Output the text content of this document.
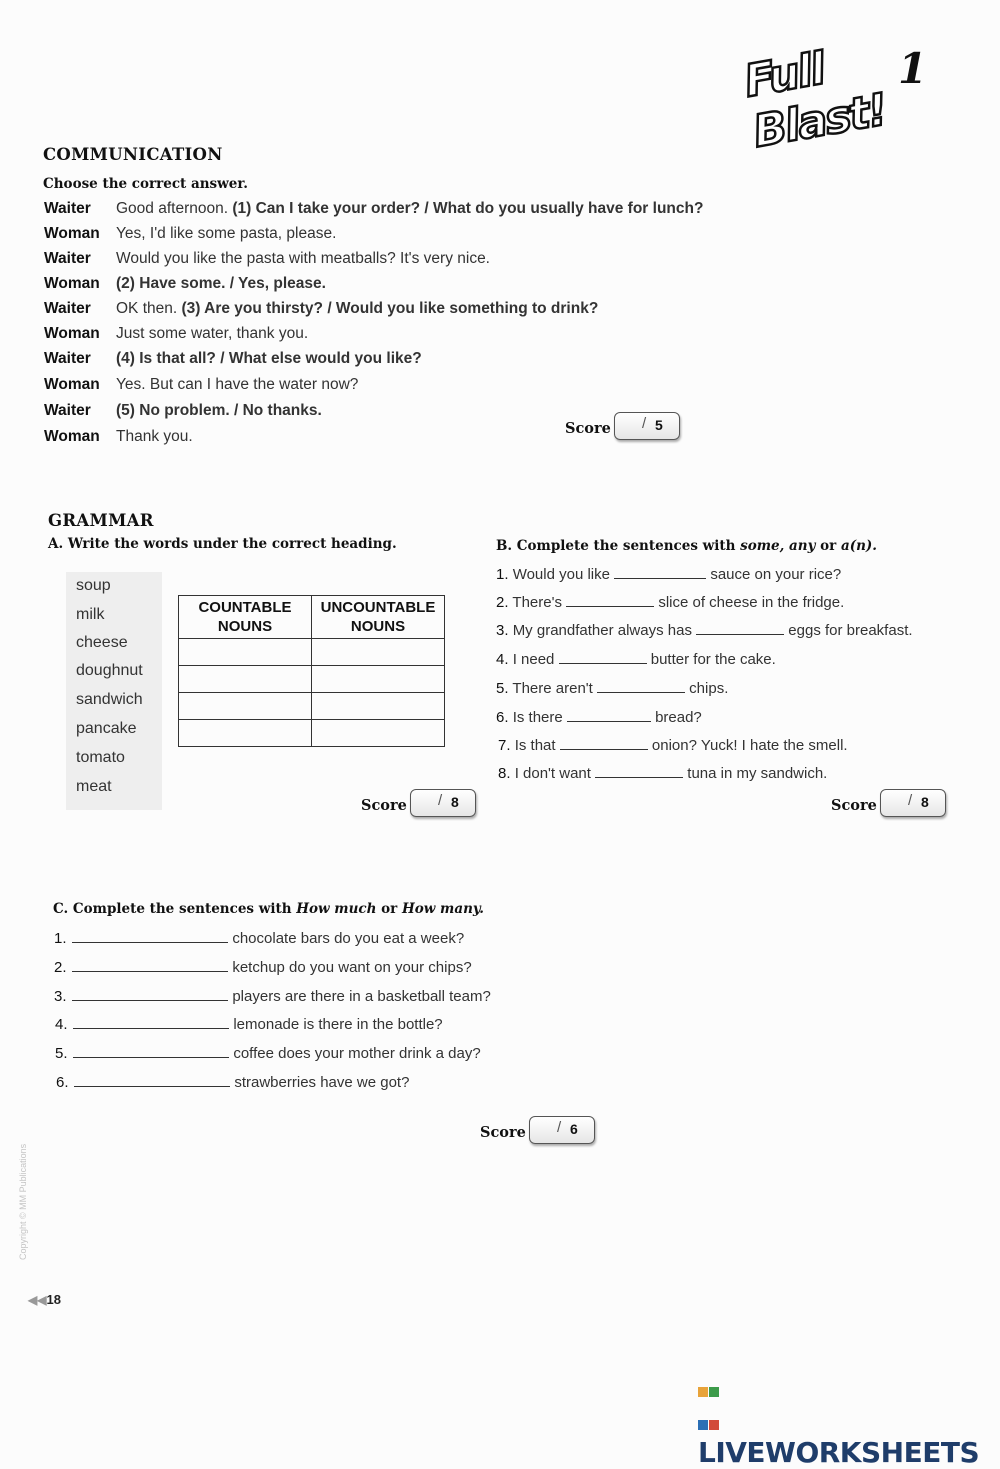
Full Blast!
1
COMMUNICATION
Choose the correct answer.
Waiter Good afternoon. (1) Can I take your order? / What do you usually have for lunch?
Woman Yes, I'd like some pasta, please.
Waiter Would you like the pasta with meatballs? It's very nice.
Woman (2) Have some. / Yes, please.
Waiter OK then. (3) Are you thirsty? / Would you like something to drink?
Woman Just some water, thank you.
Waiter (4) Is that all? / What else would you like?
Woman Yes. But can I have the water now?
Waiter (5) No problem. / No thanks.
Woman Thank you.	Score / 5
GRAMMAR
A. Write the words under the correct heading.
soup
milk
cheese
doughnut
sandwich
pancake
tomato
meat
COUNTABLE
NOUNS	UNCOUNTABLE
NOUNS

Score / 8
B. Complete the sentences with some, any or a(n).
1. Would you like	sauce on your rice?
2. There's	slice of cheese in the fridge.
3. My grandfather always has	eggs for breakfast.
4. I need	butter for the cake.
5. There aren't	chips.
6. Is there	bread?
7. Is that	onion? Yuck! I hate the smell.
8. I don't want	tuna in my sandwich.
Score / 8
C. Complete the sentences with How much or How many.
1.	chocolate bars do you eat a week?
2.	ketchup do you want on your chips?
3.	players are there in a basketball team?
4.	lemonade is there in the bottle?
5.	coffee does your mother drink a day?
6.	strawberries have we got?
Score / 6
Copyright © MM Publications
◀◀18
LIVEWORKSHEETS
